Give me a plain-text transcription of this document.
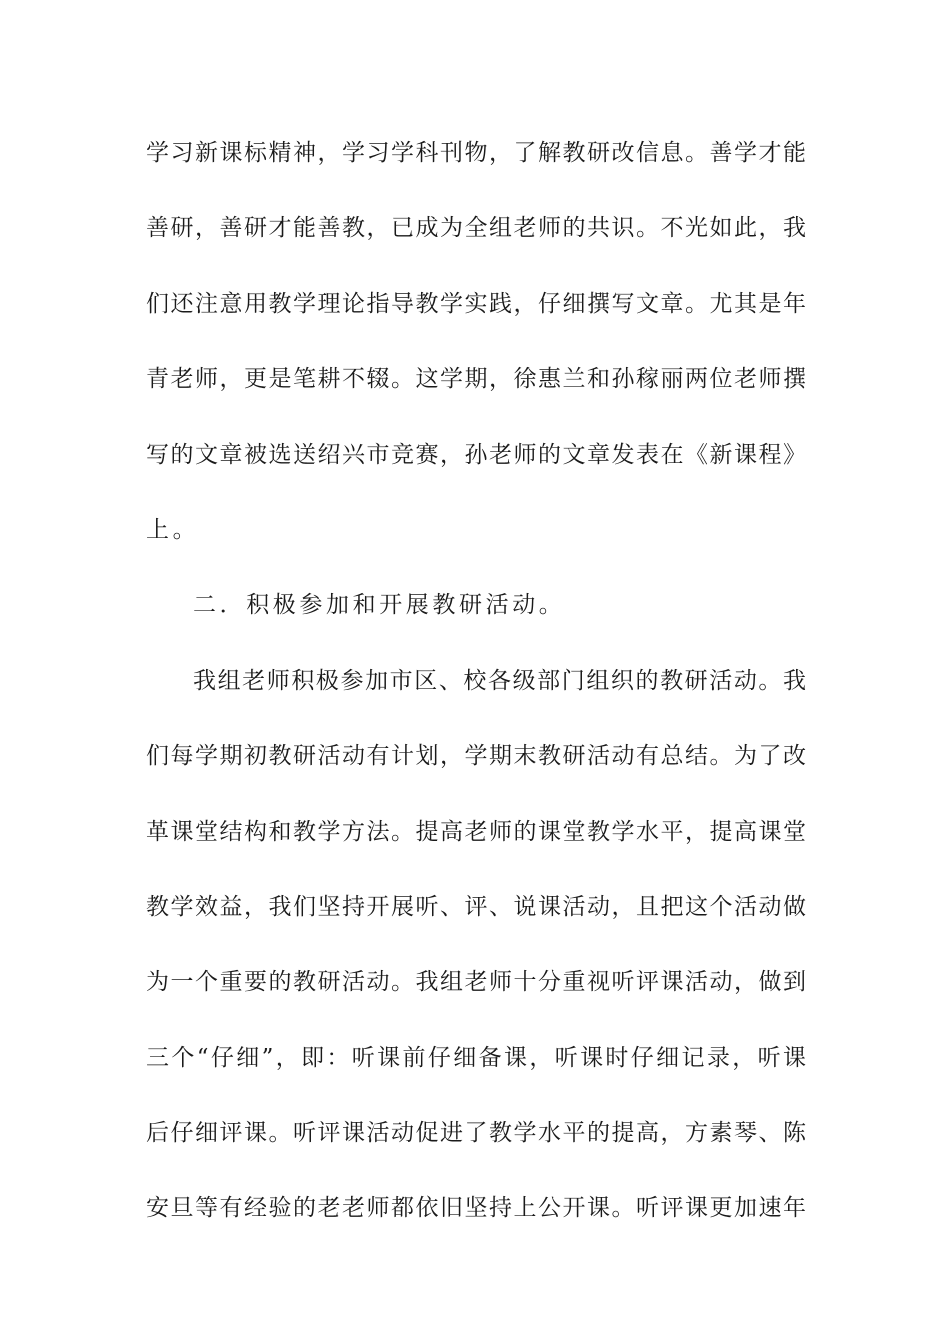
学习新课标精神，学习学科刊物，了解教研改信息。善学才能
善研，善研才能善教，已成为全组老师的共识。不光如此，我
们还注意用教学理论指导教学实践，仔细撰写文章。尤其是年
青老师，更是笔耕不辍。这学期，徐惠兰和孙稼丽两位老师撰
写的文章被选送绍兴市竞赛，孙老师的文章发表在《新课程》
上。
二．积极参加和开展教研活动。
我组老师积极参加市区、校各级部门组织的教研活动。我
们每学期初教研活动有计划，学期末教研活动有总结。为了改
革课堂结构和教学方法。提高老师的课堂教学水平，提高课堂
教学效益，我们坚持开展听、评、说课活动，且把这个活动做
为一个重要的教研活动。我组老师十分重视听评课活动，做到
三个“仔细”，即：听课前仔细备课，听课时仔细记录，听课
后仔细评课。听评课活动促进了教学水平的提高，方素琴、陈
安旦等有经验的老老师都依旧坚持上公开课。听评课更加速年
